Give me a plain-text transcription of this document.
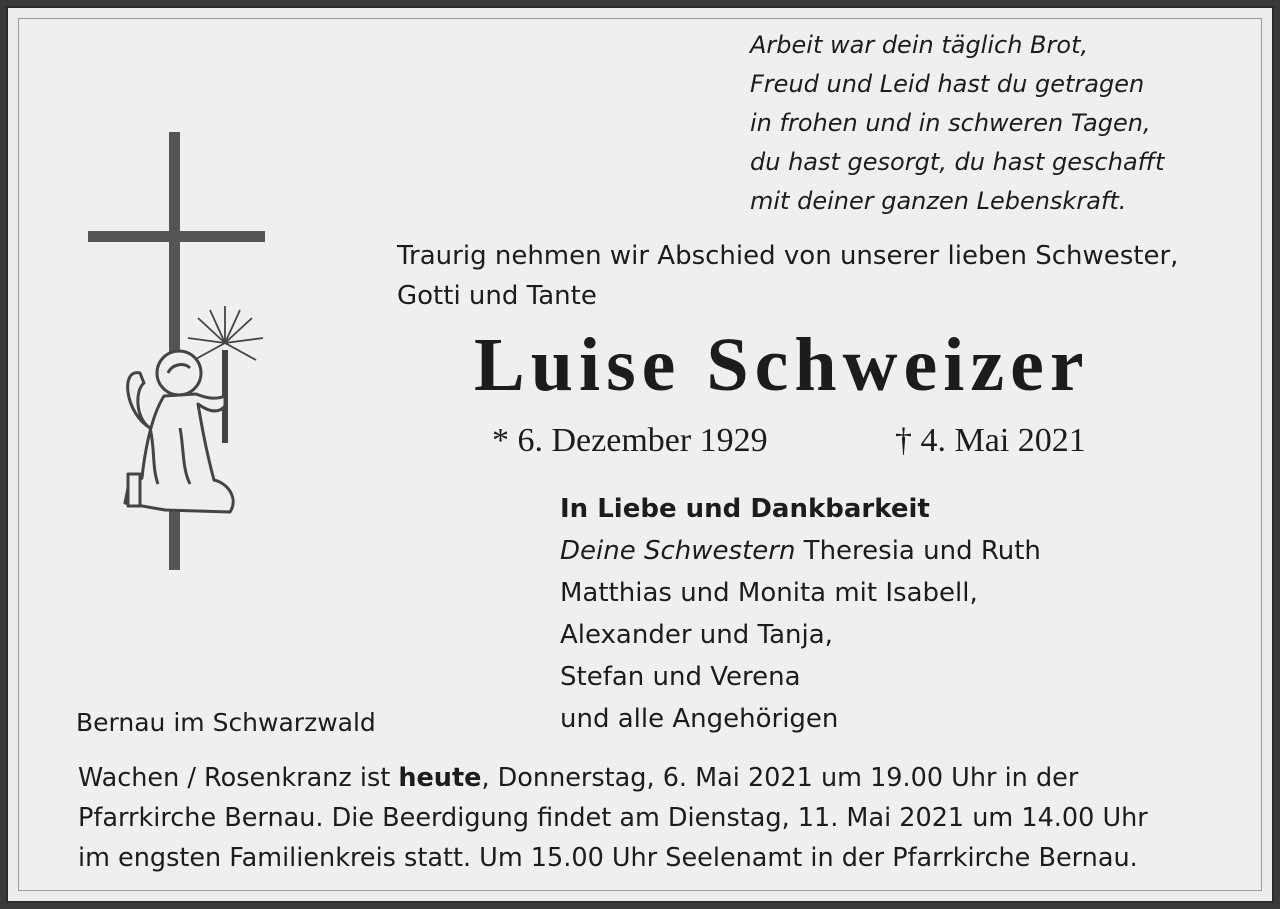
Arbeit war dein täglich Brot,
Freud und Leid hast du getragen
in frohen und in schweren Tagen,
du hast gesorgt, du hast geschafft
mit deiner ganzen Lebenskraft.
Traurig nehmen wir Abschied von unserer lieben Schwester,
Gotti und Tante
Luise Schweizer
* 6. Dezember 1929	† 4. Mai 2021
In Liebe und Dankbarkeit
Deine Schwestern Theresia und Ruth
Matthias und Monita mit Isabell,
Alexander und Tanja,
Stefan und Verena
und alle Angehörigen
Bernau im Schwarzwald
Wachen / Rosenkranz ist heute, Donnerstag, 6. Mai 2021 um 19.00 Uhr in der
Pfarrkirche Bernau. Die Beerdigung findet am Dienstag, 11. Mai 2021 um 14.00 Uhr
im engsten Familienkreis statt. Um 15.00 Uhr Seelenamt in der Pfarrkirche Bernau.
